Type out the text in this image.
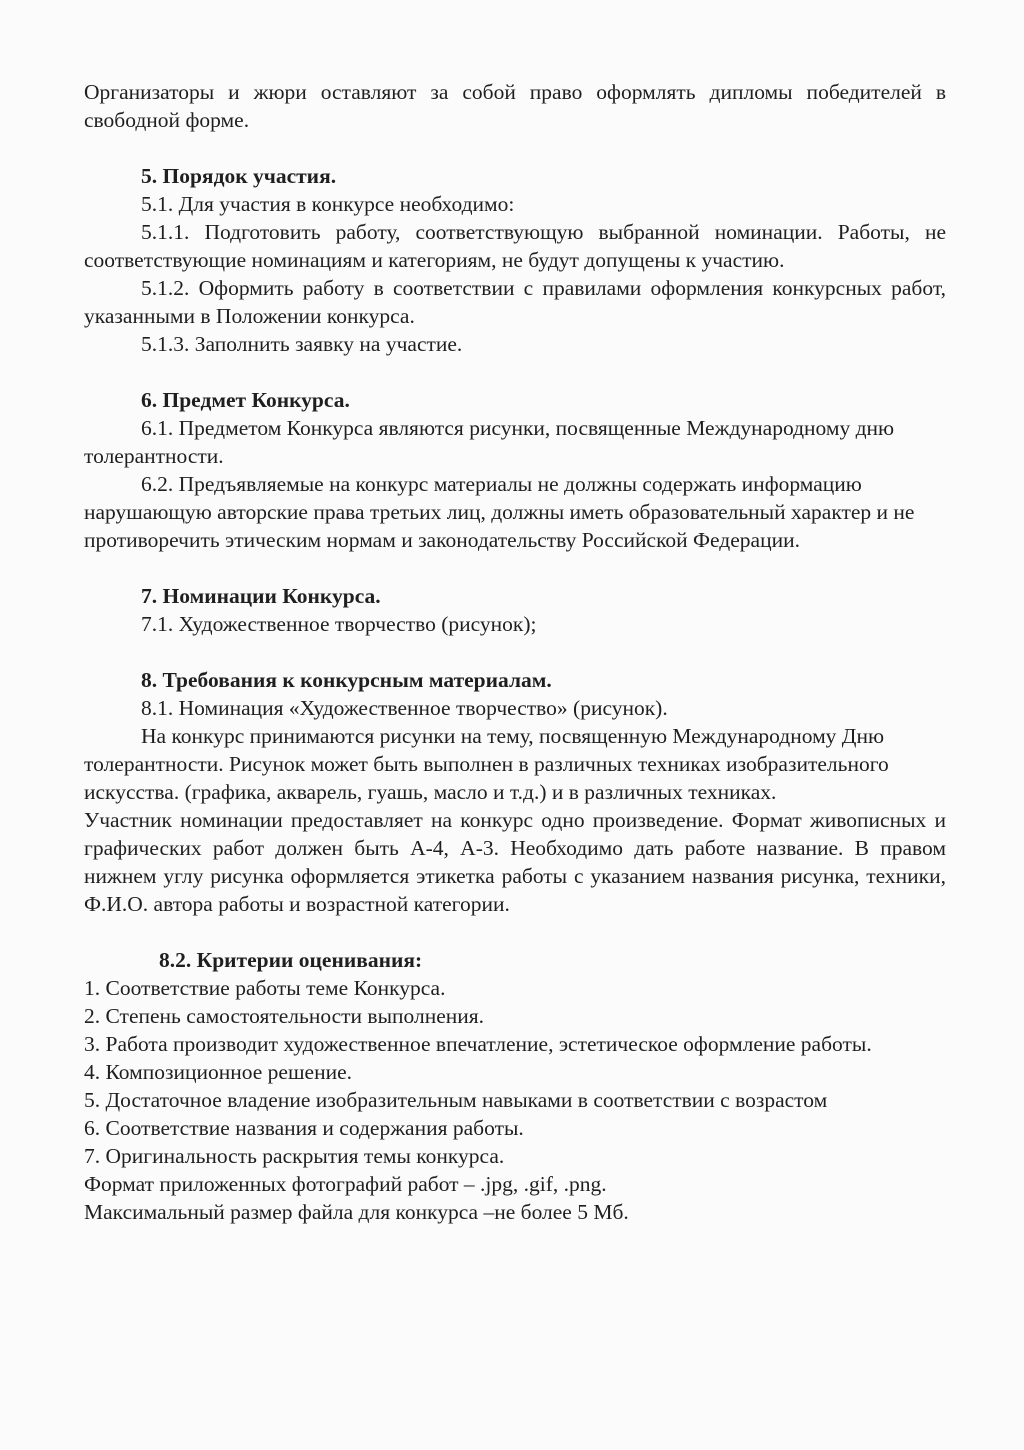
Организаторы и жюри оставляют за собой право оформлять дипломы победителей в свободной форме.

5. Порядок участия.

5.1. Для участия в конкурсе необходимо:

5.1.1. Подготовить работу, соответствующую выбранной номинации. Работы, не соответствующие номинациям и категориям, не будут допущены к участию.

5.1.2. Оформить работу в соответствии с правилами оформления конкурсных работ, указанными в Положении конкурса.

5.1.3. Заполнить заявку на участие.

6. Предмет Конкурса.

6.1. Предметом Конкурса являются рисунки, посвященные Международному дню толерантности.

6.2. Предъявляемые на конкурс материалы не должны содержать информацию нарушающую авторские права третьих лиц, должны иметь образовательный характер и не противоречить этическим нормам и законодательству Российской Федерации.

7. Номинации Конкурса.

7.1. Художественное творчество (рисунок);

8. Требования к конкурсным материалам.

8.1. Номинация «Художественное творчество» (рисунок).

На конкурс принимаются рисунки на тему, посвященную Международному Дню толерантности. Рисунок может быть выполнен в различных техниках изобразительного искусства. (графика, акварель, гуашь, масло и т.д.) и в различных техниках.

Участник номинации предоставляет на конкурс одно произведение. Формат живописных и графических работ должен быть А-4, А-3. Необходимо дать работе название. В правом нижнем углу рисунка оформляется этикетка работы с указанием названия рисунка, техники, Ф.И.О. автора работы и возрастной категории.

8.2. Критерии оценивания:

1. Соответствие работы теме Конкурса.

2. Степень самостоятельности выполнения.

3. Работа производит художественное впечатление, эстетическое оформление работы.

4. Композиционное решение.

5. Достаточное владение изобразительным навыками в соответствии с возрастом

6. Соответствие названия и содержания работы.

7. Оригинальность раскрытия темы конкурса.

Формат приложенных фотографий работ – .jpg, .gif, .png.

Максимальный размер файла для конкурса –не более 5 Мб.
